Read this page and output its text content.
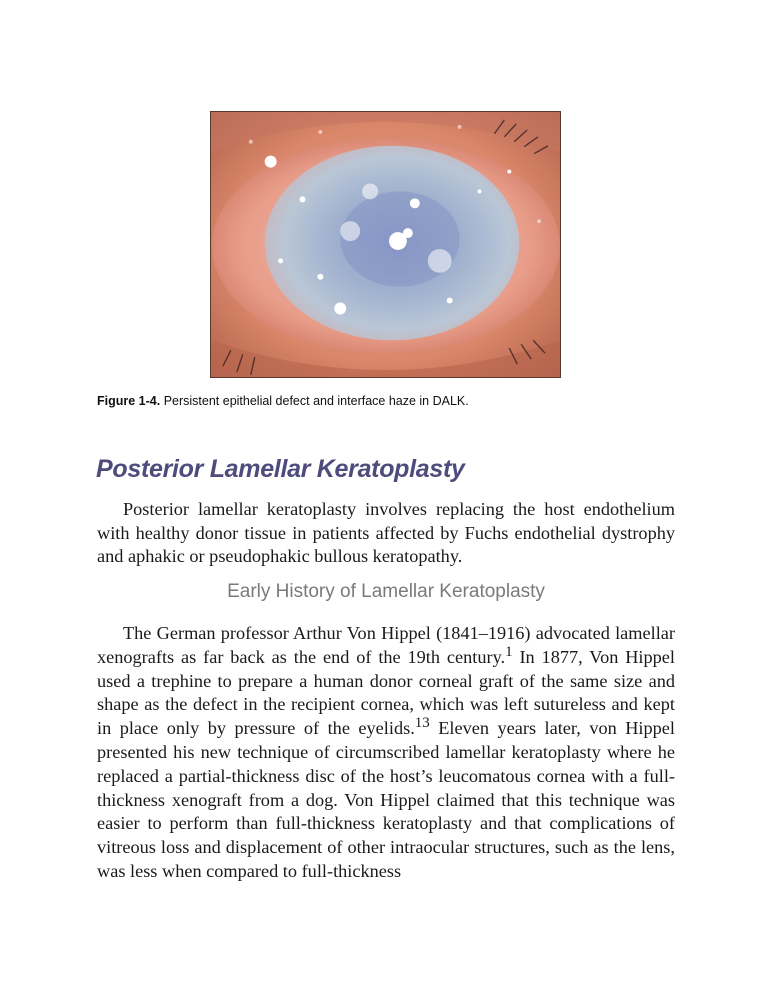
Figure 1-4. Persistent epithelial defect and interface haze in DALK.
Posterior Lamellar Keratoplasty

Posterior lamellar keratoplasty involves replacing the host endothelium with healthy donor tissue in patients affected by Fuchs endothelial dystrophy and aphakic or pseudophakic bullous keratopathy.

Early History of Lamellar Keratoplasty

The German professor Arthur Von Hippel (1841–1916) advocated lamellar xenografts as far back as the end of the 19th century.$^1$ In 1877, Von Hippel used a trephine to prepare a human donor corneal graft of the same size and shape as the defect in the recipient cornea, which was left sutureless and kept in place only by pressure of the eyelids.$^{13}$ Eleven years later, von Hippel presented his new technique of circumscribed lamellar keratoplasty where he replaced a partial-thickness disc of the host’s leucomatous cornea with a full-thickness xenograft from a dog. Von Hippel claimed that this technique was easier to perform than full-thickness keratoplasty and that complications of vitreous loss and displacement of other intraocular structures, such as the lens, was less when compared to full-thickness
